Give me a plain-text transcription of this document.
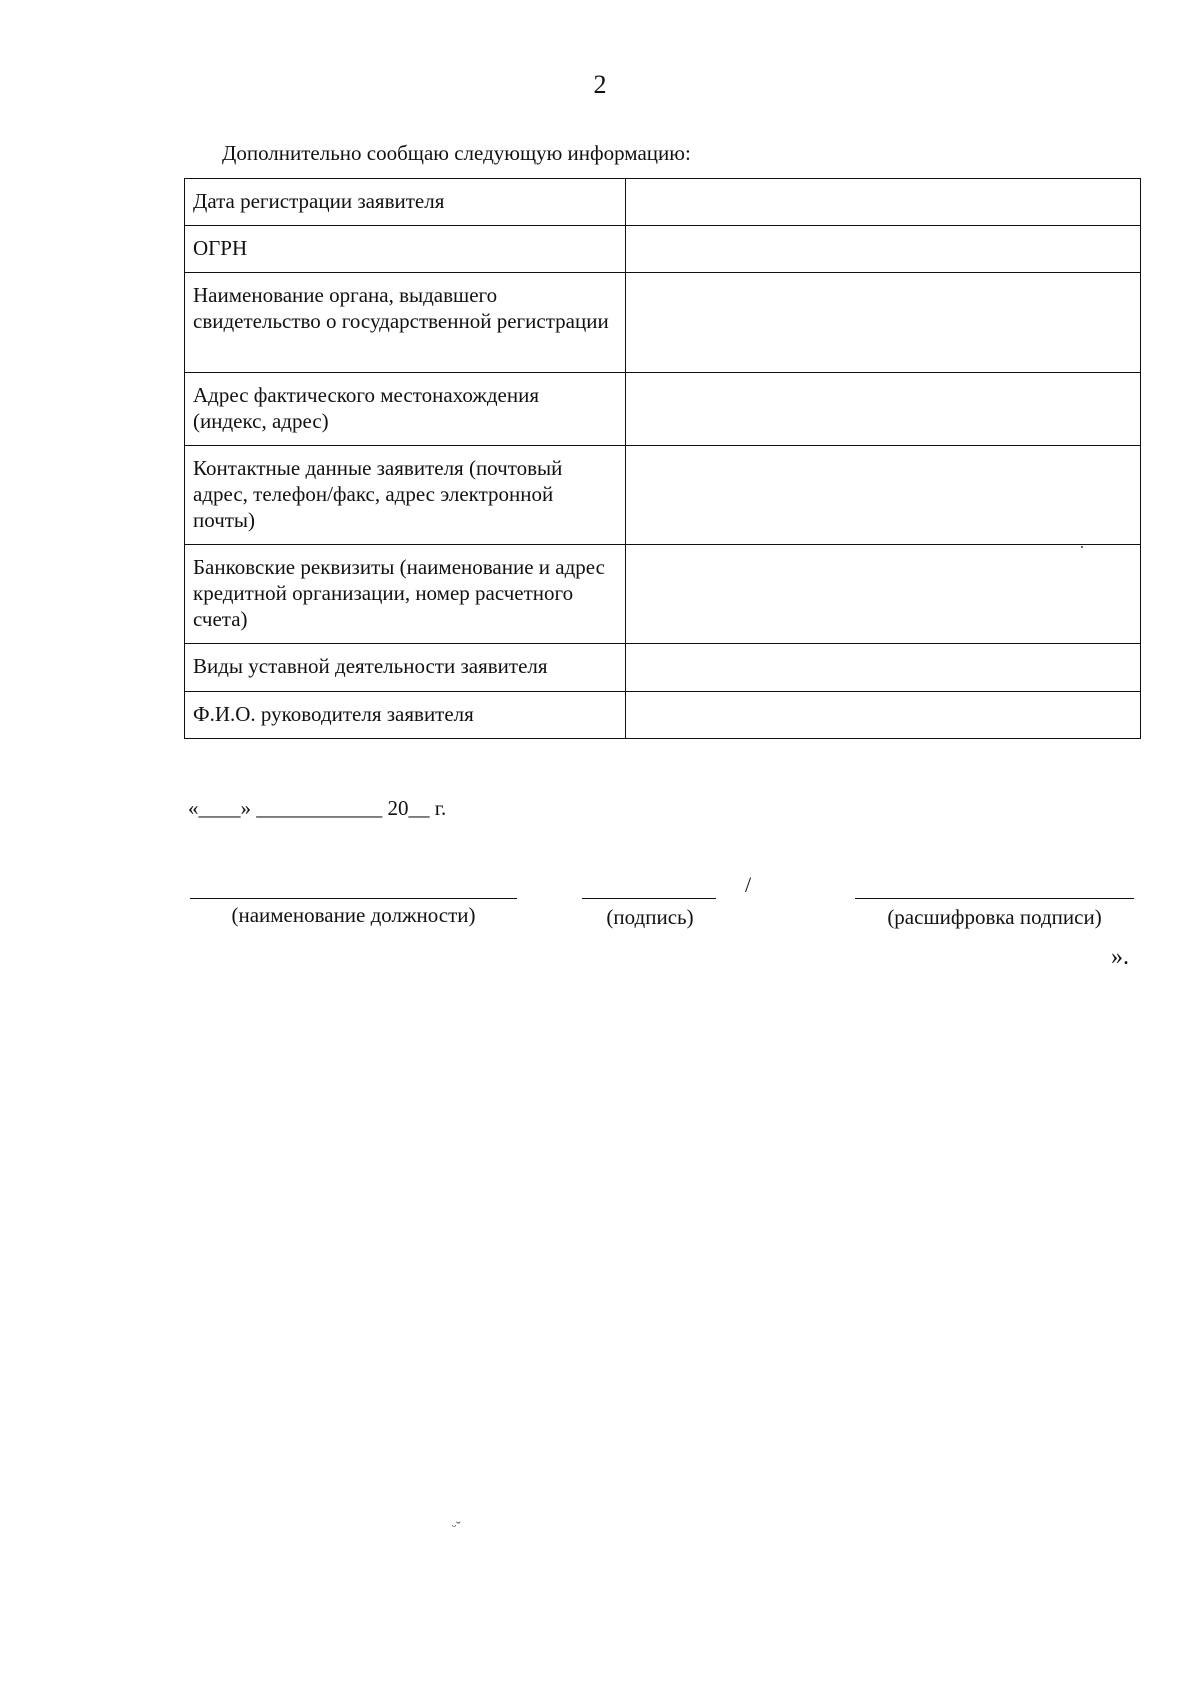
2
Дополнительно сообщаю следующую информацию:
Дата регистрации заявителя	
ОГРН	
Наименование органа, выдавшего свидетельство о государственной регистрации	
Адрес фактического местонахождения (индекс, адрес)	
Контактные данные заявителя (почтовый адрес, телефон/факс, адрес электронной почты)	
Банковские реквизиты (наименование и адрес кредитной организации, номер расчетного счета)	
Виды уставной деятельности заявителя	
Ф.И.О. руководителя заявителя	
«____» ____________ 20__ г.
(наименование должности)	(подпись)
/
(расшифровка подписи)
».
ᵕ˘
